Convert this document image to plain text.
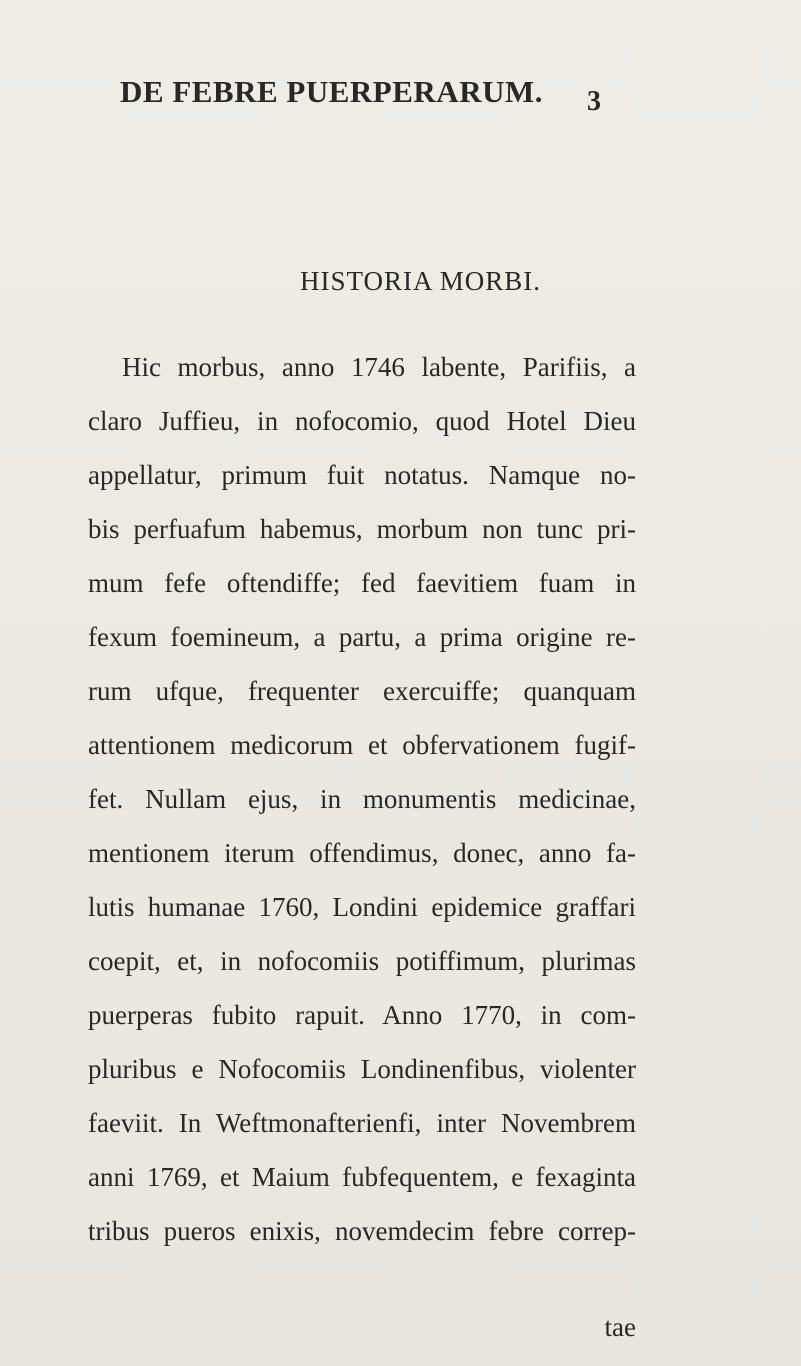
DE FEBRE PUERPERARUM. 3
HISTORIA MORBI.
Hic morbus, anno 1746 labente, Parifiis, a
claro Juffieu, in nofocomio, quod Hotel Dieu
appellatur, primum fuit notatus. Namque no-
bis perfuafum habemus, morbum non tunc pri-
mum fefe oftendiffe; fed faevitiem fuam in
fexum foemineum, a partu, a prima origine re-
rum ufque, frequenter exercuiffe; quanquam
attentionem medicorum et obfervationem fugif-
fet. Nullam ejus, in monumentis medicinae,
mentionem iterum offendimus, donec, anno fa-
lutis humanae 1760, Londini epidemice graffari
coepit, et, in nofocomiis potiffimum, plurimas
puerperas fubito rapuit. Anno 1770, in com-
pluribus e Nofocomiis Londinenfibus, violenter
faeviit. In Weftmonafterienfi, inter Novembrem
anni 1769, et Maium fubfequentem, e fexaginta
tribus pueros enixis, novemdecim febre correp-
tae
